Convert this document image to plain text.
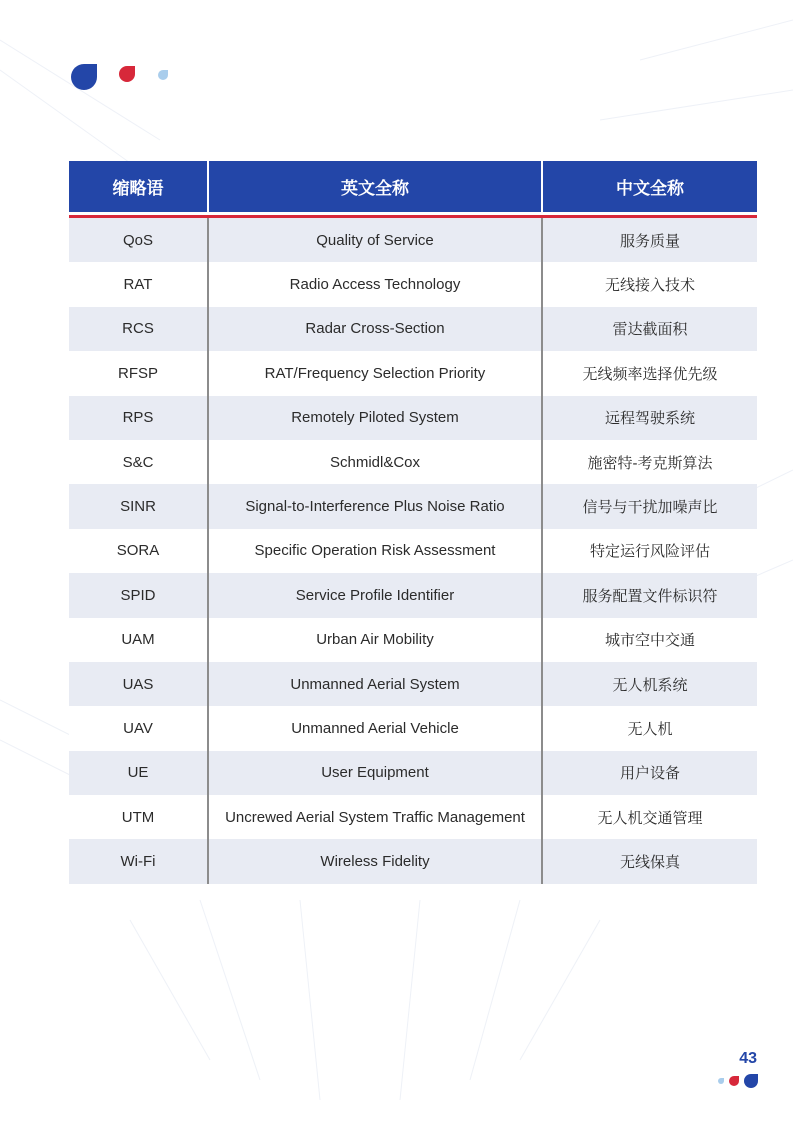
缩略语	英文全称	中文全称

QoS	Quality of Service	服务质量
RAT	Radio Access Technology	无线接入技术
RCS	Radar Cross-Section	雷达截面积
RFSP	RAT/Frequency Selection Priority	无线频率选择优先级
RPS	Remotely Piloted System	远程驾驶系统
S&C	Schmidl&Cox	施密特-考克斯算法
SINR	Signal-to-Interference Plus Noise Ratio	信号与干扰加噪声比
SORA	Specific Operation Risk Assessment	特定运行风险评估
SPID	Service Profile Identifier	服务配置文件标识符
UAM	Urban Air Mobility	城市空中交通
UAS	Unmanned Aerial System	无人机系统
UAV	Unmanned Aerial Vehicle	无人机
UE	User Equipment	用户设备
UTM	Uncrewed Aerial System Traffic Management	无人机交通管理
Wi-Fi	Wireless Fidelity	无线保真
43
